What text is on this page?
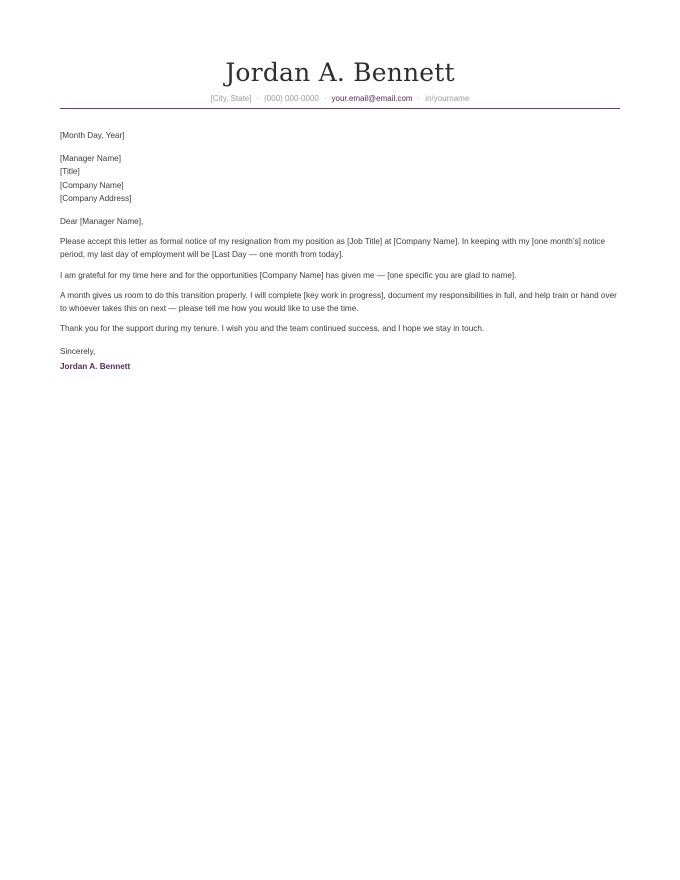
Jordan A. Bennett
[City, State] · (000) 000-0000 · your.email@email.com · in/yourname

[Month Day, Year]

[Manager Name]
[Title]
[Company Name]
[Company Address]

Dear [Manager Name],

Please accept this letter as formal notice of my resignation from my position as [Job Title] at [Company Name]. In keeping with my [one month’s] notice period, my last day of employment will be [Last Day — one month from today].

I am grateful for my time here and for the opportunities [Company Name] has given me — [one specific you are glad to name].

A month gives us room to do this transition properly. I will complete [key work in progress], document my responsibilities in full, and help train or hand over to whoever takes this on next — please tell me how you would like to use the time.

Thank you for the support during my tenure. I wish you and the team continued success, and I hope we stay in touch.

Sincerely,

Jordan A. Bennett
